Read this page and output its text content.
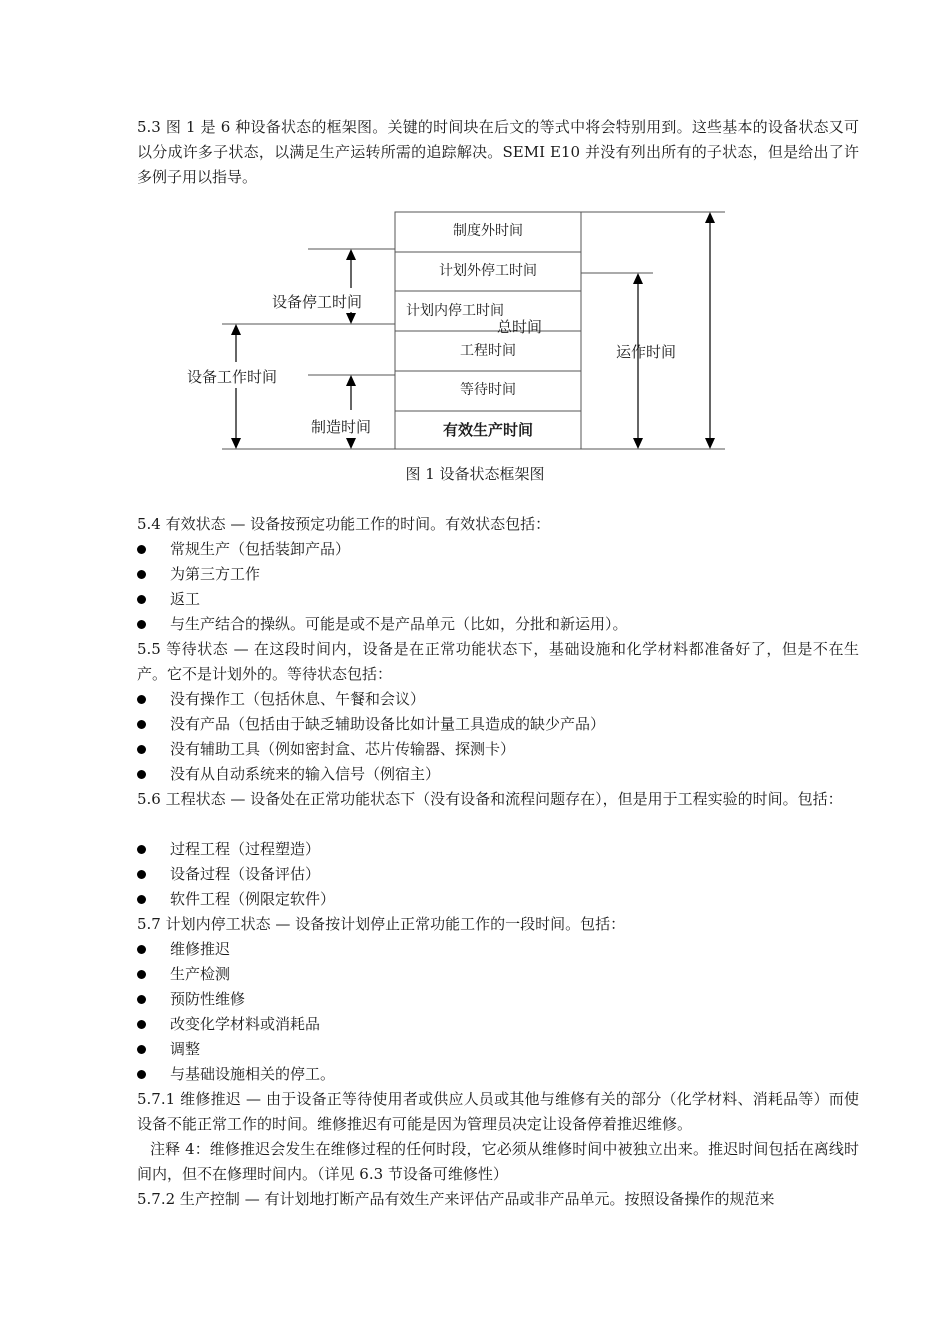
5.3 图 1 是 6 种设备状态的框架图。关键的时间块在后文的等式中将会特别用到。这些基本的设备状态又可以分成许多子状态，以满足生产运转所需的追踪解决。SEMI E10 并没有列出所有的子状态，但是给出了许多例子用以指导。

制度外时间
计划外停工时间
计划内停工时间
工程时间
等待时间
有效生产时间
总时间
设备停工时间
设备工作时间
制造时间
运作时间
图 1 设备状态框架图

5.4 有效状态 — 设备按预定功能工作的时间。有效状态包括：

常规生产（包括装卸产品）
为第三方工作
返工
与生产结合的操纵。可能是或不是产品单元（比如，分批和新运用）。

5.5 等待状态 — 在这段时间内，设备是在正常功能状态下，基础设施和化学材料都准备好了，但是不在生产。它不是计划外的。等待状态包括：

没有操作工（包括休息、午餐和会议）
没有产品（包括由于缺乏辅助设备比如计量工具造成的缺少产品）
没有辅助工具（例如密封盒、芯片传输器、探测卡）
没有从自动系统来的输入信号（例宿主）

5.6 工程状态 — 设备处在正常功能状态下（没有设备和流程问题存在），但是用于工程实验的时间。包括：

过程工程（过程塑造）
设备过程（设备评估）
软件工程（例限定软件）

5.7 计划内停工状态 — 设备按计划停止正常功能工作的一段时间。包括：

维修推迟
生产检测
预防性维修
改变化学材料或消耗品
调整
与基础设施相关的停工。

5.7.1 维修推迟 — 由于设备正等待使用者或供应人员或其他与维修有关的部分（化学材料、消耗品等）而使设备不能正常工作的时间。维修推迟有可能是因为管理员决定让设备停着推迟维修。

注释 4：维修推迟会发生在维修过程的任何时段，它必须从维修时间中被独立出来。推迟时间包括在离线时间内，但不在修理时间内。（详见 6.3 节设备可维修性）

5.7.2 生产控制 — 有计划地打断产品有效生产来评估产品或非产品单元。按照设备操作的规范来
